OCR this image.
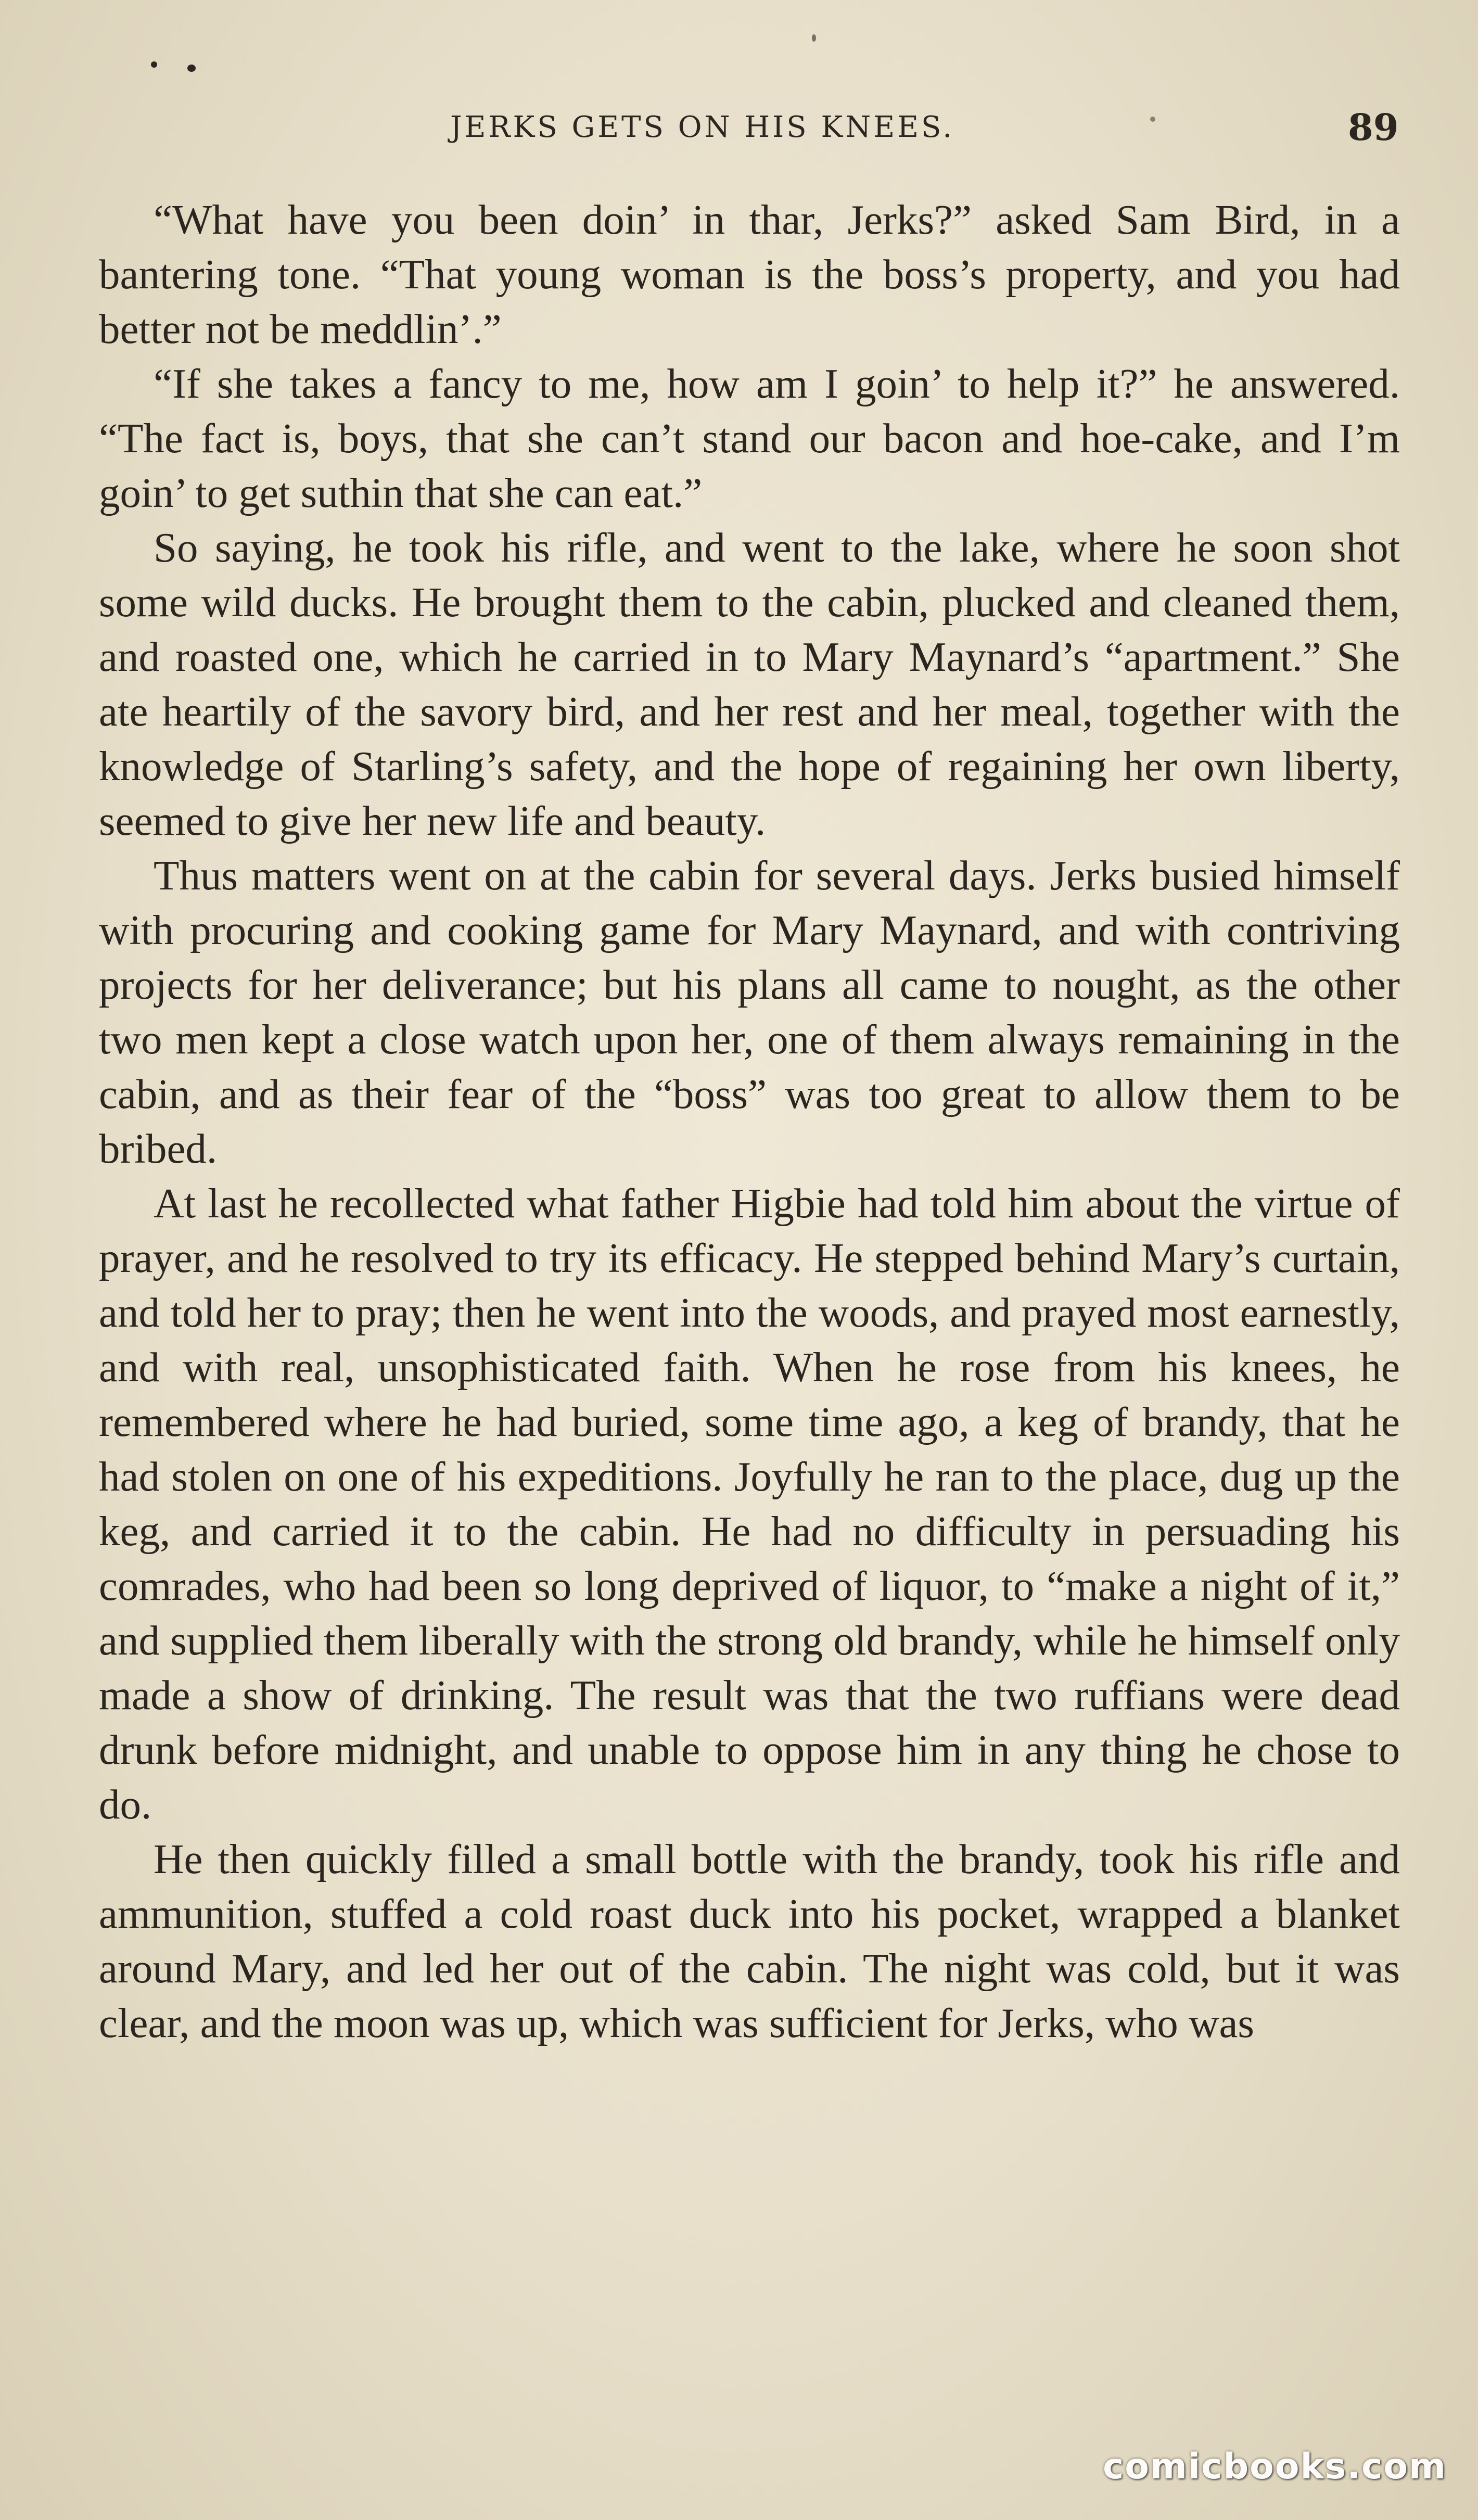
JERKS GETS ON HIS KNEES.	89

“What have you been doin’ in thar, Jerks?” asked Sam Bird, in a bantering tone. “That young woman is the boss’s property, and you had better not be meddlin’.”

“If she takes a fancy to me, how am I goin’ to help it?” he answered. “The fact is, boys, that she can’t stand our bacon and hoe-cake, and I’m goin’ to get suthin that she can eat.”

So saying, he took his rifle, and went to the lake, where he soon shot some wild ducks. He brought them to the cabin, plucked and cleaned them, and roasted one, which he carried in to Mary Maynard’s “apartment.” She ate heartily of the savory bird, and her rest and her meal, together with the knowledge of Starling’s safety, and the hope of regaining her own liberty, seemed to give her new life and beauty.

Thus matters went on at the cabin for several days. Jerks busied himself with procuring and cooking game for Mary Maynard, and with contriving projects for her deliverance; but his plans all came to nought, as the other two men kept a close watch upon her, one of them always remaining in the cabin, and as their fear of the “boss” was too great to allow them to be bribed.

At last he recollected what father Higbie had told him about the virtue of prayer, and he resolved to try its efficacy. He stepped behind Mary’s curtain, and told her to pray; then he went into the woods, and prayed most earnestly, and with real, unsophisticated faith. When he rose from his knees, he remembered where he had buried, some time ago, a keg of brandy, that he had stolen on one of his expeditions. Joyfully he ran to the place, dug up the keg, and carried it to the cabin. He had no difficulty in persuading his comrades, who had been so long deprived of liquor, to “make a night of it,” and supplied them liberally with the strong old brandy, while he himself only made a show of drinking. The result was that the two ruffians were dead drunk before midnight, and unable to oppose him in any thing he chose to do.

He then quickly filled a small bottle with the brandy, took his rifle and ammunition, stuffed a cold roast duck into his pocket, wrapped a blanket around Mary, and led her out of the cabin. The night was cold, but it was clear, and the moon was up, which was sufficient for Jerks, who was

comicbooks.com
